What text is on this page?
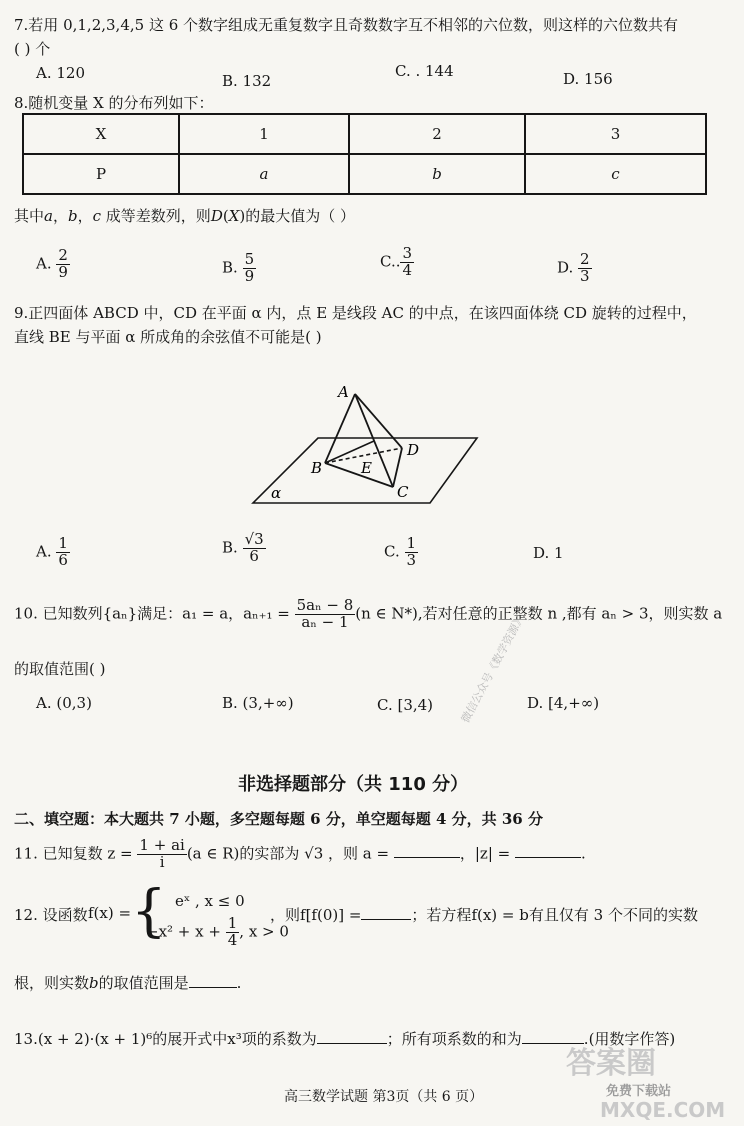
7.若用 0,1,2,3,4,5 这 6 个数字组成无重复数字且奇数数字互不相邻的六位数，则这样的六位数共有
( ) 个
A. 120	B. 132
C. . 144	D. 156
8.随机变量 X 的分布列如下：
X	1	2	3
P	a	b	c
其中a，b，c 成等差数列，则D(X)的最大值为（ ）
A. $\frac{2}{9}$	B. $\frac{5}{9}$	C.. $\frac{3}{4}$	D. $\frac{2}{3}$
9.正四面体 ABCD 中，CD 在平面 α 内，点 E 是线段 AC 的中点，在该四面体绕 CD 旋转的过程中，
直线 BE 与平面 α 所成角的余弦值不可能是( )
A
B
C
D
E
α
A. $\frac{1}{6}$	B. $\frac{√3}{6}$	C. $\frac{1}{3}$	D. 1
10. 已知数列{aₙ}满足：a₁ = a，$a_{n+1} = \frac{\text{5aₙ − 8}}{\text{aₙ − 1}} (n$ ∈ N*),若对任意的正整数 n ,都有 aₙ > 3，则实数 a
的取值范围( )
A. (0,3)	B. (3,+∞)	C. [3,4)	D. [4,+∞)
微信公众号《数学资源》
非选择题部分（共 110 分）
二、填空题：本大题共 7 小题，多空题每题 6 分，单空题每题 4 分，共 36 分
11. 已知复数 $z = \frac{1 + ai}{i} (a$ ∈ R)的实部为 √3 ，则 a =	，|z| =	.
12. 设函数 f(x) = { eˣ , x ≤ 0
$-x^2 + x + \frac{1}{4}$ , x > 0
，则f[f(0)] =	；若方程f(x) = b有且仅有 3 个不同的实数
根，则实数b的取值范围是	.
13.(x + 2)·(x + 1)⁶的展开式中x³项的系数为	；所有项系数的和为	.(用数字作答)
高三数学试题 第3页（共 6 页）
答案圈
免费下载站
MXQE.COM
